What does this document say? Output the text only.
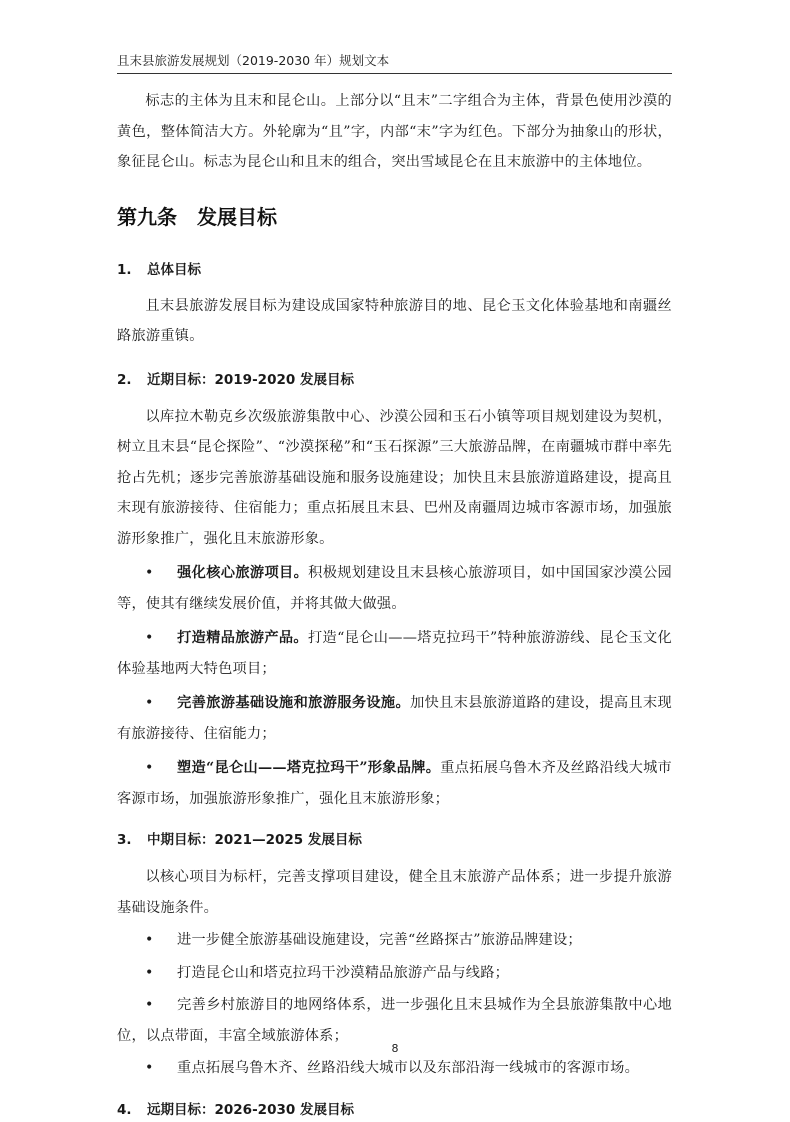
且末县旅游发展规划（2019-2030 年）规划文本

标志的主体为且末和昆仑山。上部分以“且末”二字组合为主体，背景色使用沙漠的黄色，整体简洁大方。外轮廓为“且”字，内部“末”字为红色。下部分为抽象山的形状，象征昆仑山。标志为昆仑山和且末的组合，突出雪域昆仑在且末旅游中的主体地位。

第九条 发展目标
1. 总体目标

且末县旅游发展目标为建设成国家特种旅游目的地、昆仑玉文化体验基地和南疆丝路旅游重镇。

2. 近期目标：2019-2020 发展目标

以库拉木勒克乡次级旅游集散中心、沙漠公园和玉石小镇等项目规划建设为契机，树立且末县“昆仑探险”、“沙漠探秘”和“玉石探源”三大旅游品牌，在南疆城市群中率先抢占先机；逐步完善旅游基础设施和服务设施建设；加快且末县旅游道路建设，提高且末现有旅游接待、住宿能力；重点拓展且末县、巴州及南疆周边城市客源市场，加强旅游形象推广，强化且末旅游形象。

• 强化核心旅游项目。积极规划建设且末县核心旅游项目，如中国国家沙漠公园等，使其有继续发展价值，并将其做大做强。
• 打造精品旅游产品。打造“昆仑山——塔克拉玛干”特种旅游游线、昆仑玉文化体验基地两大特色项目；
• 完善旅游基础设施和旅游服务设施。加快且末县旅游道路的建设，提高且末现有旅游接待、住宿能力；
• 塑造“昆仑山——塔克拉玛干”形象品牌。重点拓展乌鲁木齐及丝路沿线大城市客源市场，加强旅游形象推广，强化且末旅游形象；
3. 中期目标：2021—2025 发展目标

以核心项目为标杆，完善支撑项目建设，健全且末旅游产品体系；进一步提升旅游基础设施条件。

• 进一步健全旅游基础设施建设，完善“丝路探古”旅游品牌建设；
• 打造昆仑山和塔克拉玛干沙漠精品旅游产品与线路；
• 完善乡村旅游目的地网络体系，进一步强化且末县城作为全县旅游集散中心地位，以点带面，丰富全域旅游体系；
• 重点拓展乌鲁木齐、丝路沿线大城市以及东部沿海一线城市的客源市场。
4. 远期目标：2026-2030 发展目标
8
